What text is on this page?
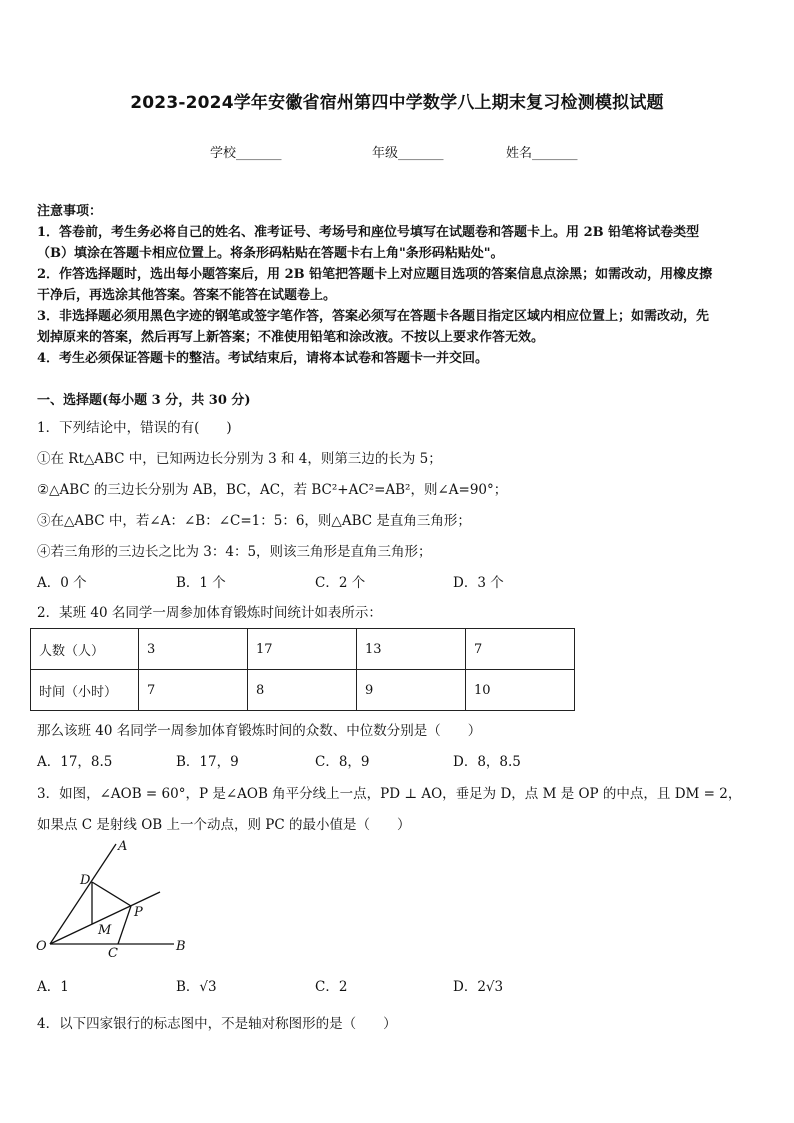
2023-2024学年安徽省宿州第四中学数学八上期末复习检测模拟试题
学校_______	年级_______	姓名_______
注意事项：
1．答卷前，考生务必将自己的姓名、准考证号、考场号和座位号填写在试题卷和答题卡上。用 2B 铅笔将试卷类型
（B）填涂在答题卡相应位置上。将条形码粘贴在答题卡右上角"条形码粘贴处"。
2．作答选择题时，选出每小题答案后，用 2B 铅笔把答题卡上对应题目选项的答案信息点涂黑；如需改动，用橡皮擦
干净后，再选涂其他答案。答案不能答在试题卷上。
3．非选择题必须用黑色字迹的钢笔或签字笔作答，答案必须写在答题卡各题目指定区域内相应位置上；如需改动，先
划掉原来的答案，然后再写上新答案；不准使用铅笔和涂改液。不按以上要求作答无效。
4．考生必须保证答题卡的整洁。考试结束后，请将本试卷和答题卡一并交回。
一、选择题(每小题 3 分，共 30 分)
1．下列结论中，错误的有(　　)
①在 Rt△ABC 中，已知两边长分别为 3 和 4，则第三边的长为 5；
②△ABC 的三边长分别为 AB，BC，AC，若 BC²+AC²=AB²，则∠A=90°；
③在△ABC 中，若∠A：∠B：∠C=1：5：6，则△ABC 是直角三角形；
④若三角形的三边长之比为 3：4：5，则该三角形是直角三角形；
A．0 个	B．1 个	C．2 个	D．3 个
2．某班 40 名同学一周参加体育锻炼时间统计如表所示：
人数（人）	3	17	13	7
时间（小时）	7	8	9	10
那么该班 40 名同学一周参加体育锻炼时间的众数、中位数分别是（　　）
A．17，8.5	B．17，9	C．8，9	D．8，8.5
3．如图，∠AOB = 60°，P 是∠AOB 角平分线上一点，PD ⊥ AO，垂足为 D，点 M 是 OP 的中点，且 DM = 2，
如果点 C 是射线 OB 上一个动点，则 PC 的最小值是（　　）
A
D
P
M
O	C	B
A．1	B．√3	C．2	D．2√3
4．以下四家银行的标志图中，不是轴对称图形的是（　　）
